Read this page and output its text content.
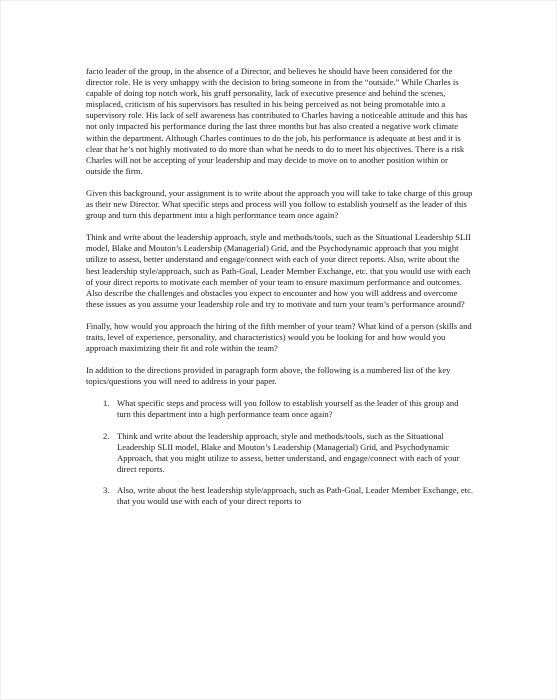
facto leader of the group, in the absence of a Director, and believes he should have been considered for the director role. He is very unhappy with the decision to bring someone in from the “outside.” While Charles is capable of doing top notch work, his gruff personality, lack of executive presence and behind the scenes, misplaced, criticism of his supervisors has resulted in his being perceived as not being promotable into a supervisory role. His lack of self awareness has contributed to Charles having a noticeable attitude and this has not only impacted his performance during the last three months but has also created a negative work climate within the department. Although Charles continues to do the job, his performance is adequate at best and it is clear that he’s not highly motivated to do more than what he needs to do to meet his objectives. There is a risk Charles will not be accepting of your leadership and may decide to move on to another position within or outside the firm.

Given this background, your assignment is to write about the approach you will take to take charge of this group as their new Director. What specific steps and process will you follow to establish yourself as the leader of this group and turn this department into a high performance team once again?

Think and write about the leadership approach, style and methods/tools, such as the Situational Leadership SLII model, Blake and Mouton’s Leadership (Managerial) Grid, and the Psychodynamic approach that you might utilize to assess, better understand and engage/connect with each of your direct reports. Also, write about the best leadership style/approach, such as Path-Goal, Leader Member Exchange, etc. that you would use with each of your direct reports to motivate each member of your team to ensure maximum performance and outcomes. Also describe the challenges and obstacles you expect to encounter and how you will address and overcome these issues as you assume your leadership role and try to motivate and turn your team’s performance around?

Finally, how would you approach the hiring of the fifth member of your team? What kind of a person (skills and traits, level of experience, personality, and characteristics) would you be looking for and how would you approach maximizing their fit and role within the team?

In addition to the directions provided in paragraph form above, the following is a numbered list of the key topics/questions you will need to address in your paper.

1. What specific steps and process will you follow to establish yourself as the leader of this group and turn this department into a high performance team once again?
2. Think and write about the leadership approach, style and methods/tools, such as the Situational Leadership SLII model, Blake and Mouton’s Leadership (Managerial) Grid, and Psychodynamic Approach, that you might utilize to assess, better understand, and engage/connect with each of your direct reports.
3. Also, write about the best leadership style/approach, such as Path-Goal, Leader Member Exchange, etc. that you would use with each of your direct reports to
